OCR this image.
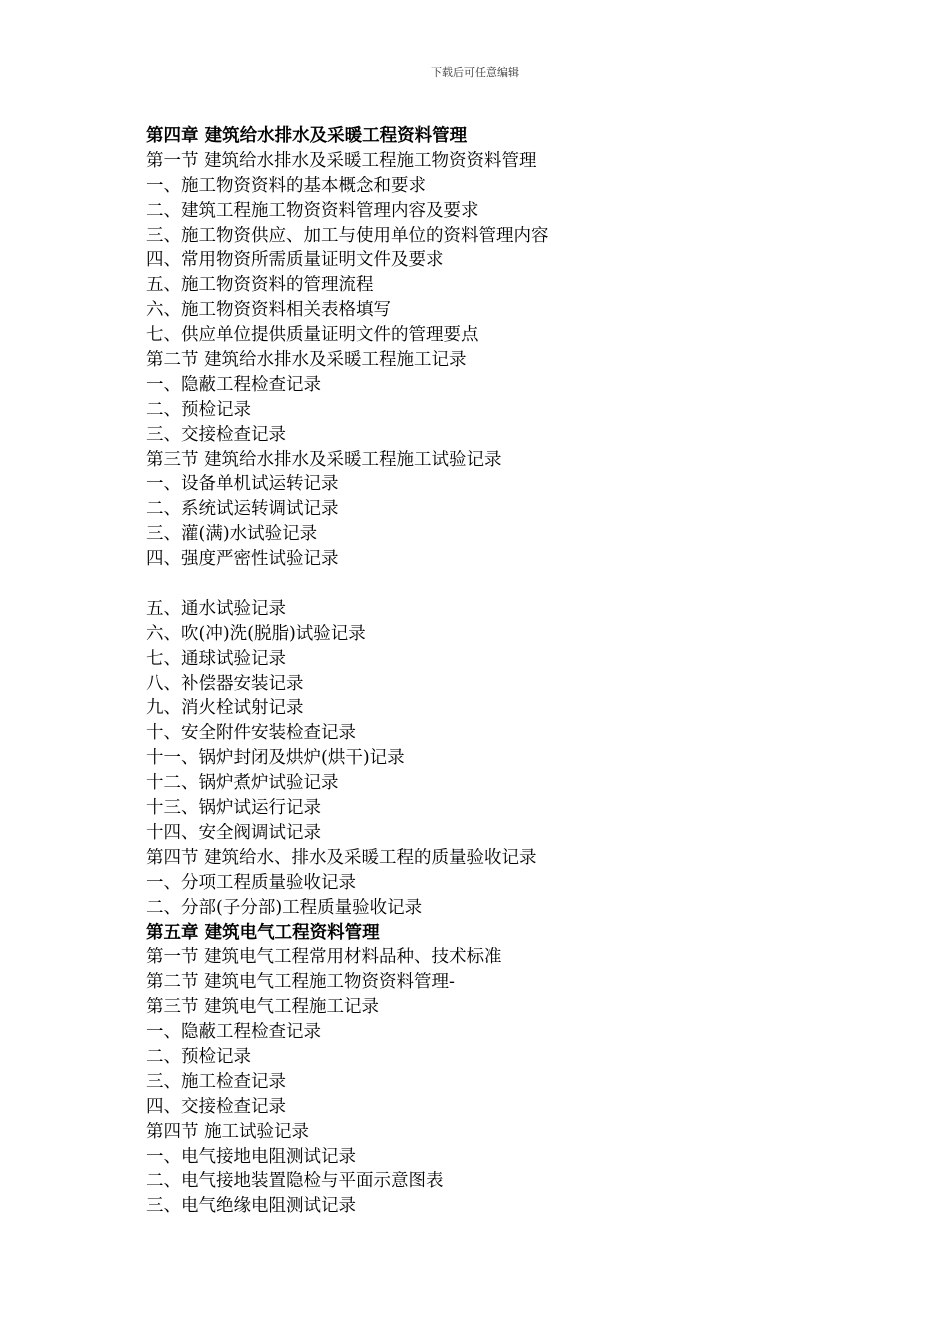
下载后可任意编辑
第四章 建筑给水排水及采暖工程资料管理
第一节 建筑给水排水及采暖工程施工物资资料管理
一、施工物资资料的基本概念和要求
二、建筑工程施工物资资料管理内容及要求
三、施工物资供应、加工与使用单位的资料管理内容
四、常用物资所需质量证明文件及要求
五、施工物资资料的管理流程
六、施工物资资料相关表格填写
七、供应单位提供质量证明文件的管理要点
第二节 建筑给水排水及采暖工程施工记录
一、隐蔽工程检查记录
二、预检记录
三、交接检查记录
第三节 建筑给水排水及采暖工程施工试验记录
一、设备单机试运转记录
二、系统试运转调试记录
三、灌(满)水试验记录
四、强度严密性试验记录
五、通水试验记录
六、吹(冲)洗(脱脂)试验记录
七、通球试验记录
八、补偿器安装记录
九、消火栓试射记录
十、安全附件安装检查记录
十一、锅炉封闭及烘炉(烘干)记录
十二、锅炉煮炉试验记录
十三、锅炉试运行记录
十四、安全阀调试记录
第四节 建筑给水、排水及采暖工程的质量验收记录
一、分项工程质量验收记录
二、分部(子分部)工程质量验收记录
第五章 建筑电气工程资料管理
第一节 建筑电气工程常用材料品种、技术标准
第二节 建筑电气工程施工物资资料管理-
第三节 建筑电气工程施工记录
一、隐蔽工程检查记录
二、预检记录
三、施工检查记录
四、交接检查记录
第四节 施工试验记录
一、电气接地电阻测试记录
二、电气接地装置隐检与平面示意图表
三、电气绝缘电阻测试记录
